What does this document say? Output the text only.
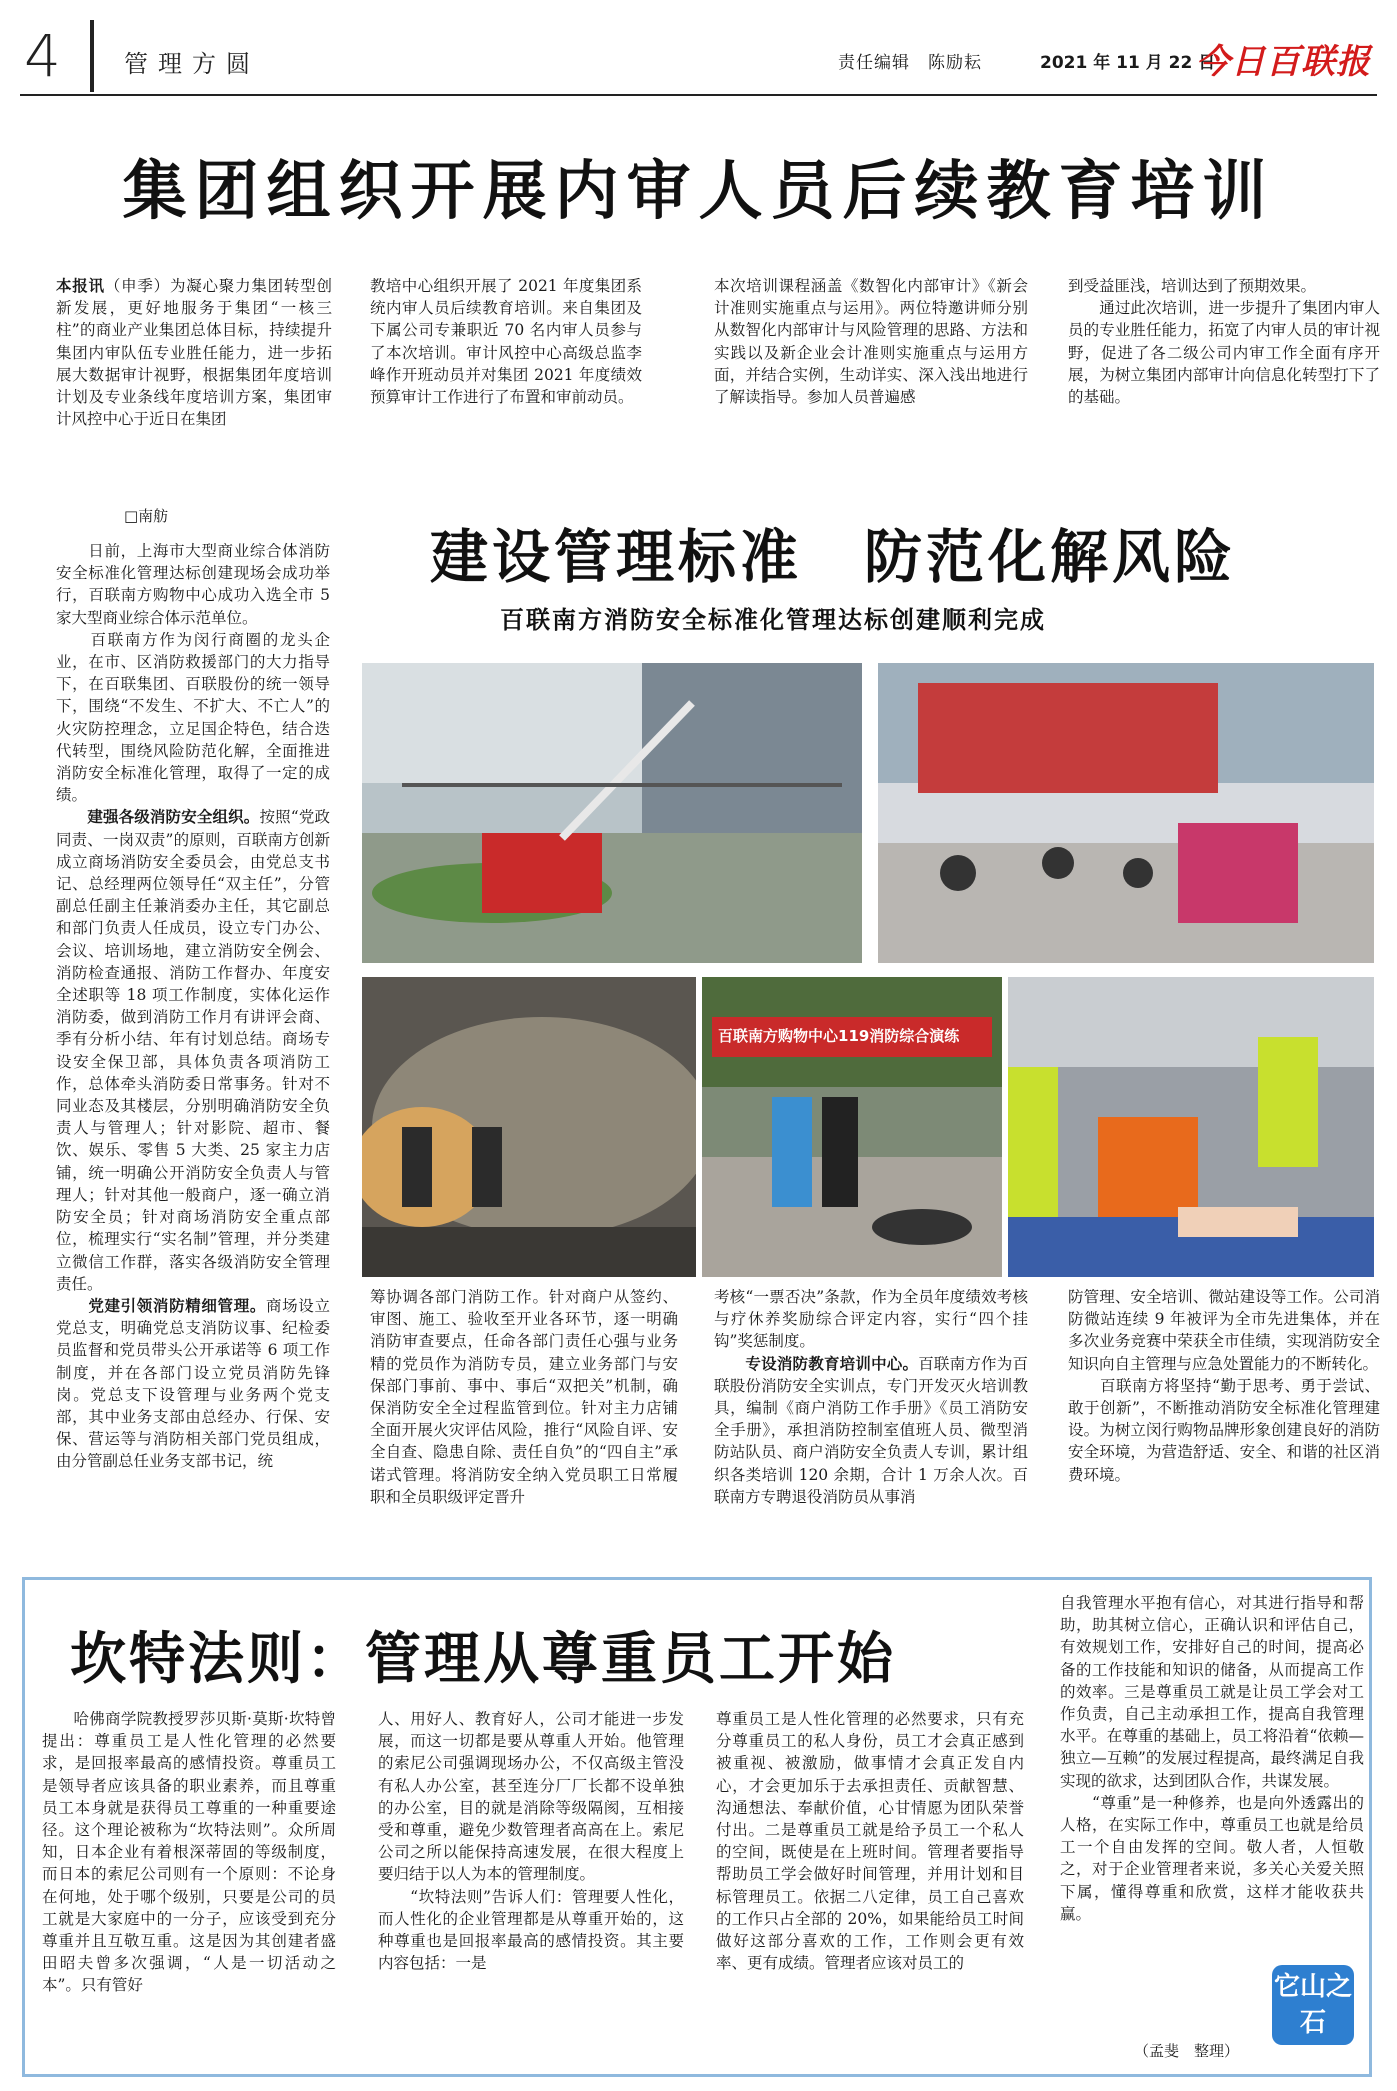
4	管理方圆	责任编辑　陈励耘	2021 年 11 月 22 日
今日百联报
集团组织开展内审人员后续教育培训
本报讯（申季）为凝心聚力集团转型创新发展，更好地服务于集团“一核三柱”的商业产业集团总体目标，持续提升集团内审队伍专业胜任能力，进一步拓展大数据审计视野，根据集团年度培训计划及专业条线年度培训方案，集团审计风控中心于近日在集团
教培中心组织开展了 2021 年度集团系统内审人员后续教育培训。来自集团及下属公司专兼职近 70 名内审人员参与了本次培训。审计风控中心高级总监李峰作开班动员并对集团 2021 年度绩效预算审计工作进行了布置和审前动员。
本次培训课程涵盖《数智化内部审计》《新会计准则实施重点与运用》。两位特邀讲师分别从数智化内部审计与风险管理的思路、方法和实践以及新企业会计准则实施重点与运用方面，并结合实例，生动详实、深入浅出地进行了解读指导。参加人员普遍感
到受益匪浅，培训达到了预期效果。
　　通过此次培训，进一步提升了集团内审人员的专业胜任能力，拓宽了内审人员的审计视野，促进了各二级公司内审工作全面有序开展，为树立集团内部审计向信息化转型打下了的基础。
□南舫
建设管理标准　防范化解风险
百联南方消防安全标准化管理达标创建顺利完成
　　日前，上海市大型商业综合体消防安全标准化管理达标创建现场会成功举行，百联南方购物中心成功入选全市 5 家大型商业综合体示范单位。
　　百联南方作为闵行商圈的龙头企业，在市、区消防救援部门的大力指导下，在百联集团、百联股份的统一领导下，围绕“不发生、不扩大、不亡人”的火灾防控理念，立足国企特色，结合迭代转型，围绕风险防范化解，全面推进消防安全标准化管理，取得了一定的成绩。
　　建强各级消防安全组织。按照“党政同责、一岗双责”的原则，百联南方创新成立商场消防安全委员会，由党总支书记、总经理两位领导任“双主任”，分管副总任副主任兼消委办主任，其它副总和部门负责人任成员，设立专门办公、会议、培训场地，建立消防安全例会、消防检查通报、消防工作督办、年度安全述职等 18 项工作制度，实体化运作消防委，做到消防工作月有讲评会商、季有分析小结、年有讨划总结。商场专设安全保卫部，具体负责各项消防工作，总体牵头消防委日常事务。针对不同业态及其楼层，分别明确消防安全负责人与管理人；针对影院、超市、餐饮、娱乐、零售 5 大类、25 家主力店铺，统一明确公开消防安全负责人与管理人；针对其他一般商户，逐一确立消防安全员；针对商场消防安全重点部位，梳理实行“实名制”管理，并分类建立微信工作群，落实各级消防安全管理责任。
　　党建引领消防精细管理。商场设立党总支，明确党总支消防议事、纪检委员监督和党员带头公开承诺等 6 项工作制度，并在各部门设立党员消防先锋岗。党总支下设管理与业务两个党支部，其中业务支部由总经办、行保、安保、营运等与消防相关部门党员组成，由分管副总任业务支部书记，统
百联南方购物中心119消防综合演练
筹协调各部门消防工作。针对商户从签约、审图、施工、验收至开业各环节，逐一明确消防审查要点，任命各部门责任心强与业务精的党员作为消防专员，建立业务部门与安保部门事前、事中、事后“双把关”机制，确保消防安全全过程监管到位。针对主力店铺全面开展火灾评估风险，推行“风险自评、安全自查、隐患自除、责任自负”的“四自主”承诺式管理。将消防安全纳入党员职工日常履职和全员职级评定晋升
考核“一票否决”条款，作为全员年度绩效考核与疗休养奖励综合评定内容，实行“四个挂钩”奖惩制度。
　　专设消防教育培训中心。百联南方作为百联股份消防安全实训点，专门开发灭火培训教具，编制《商户消防工作手册》《员工消防安全手册》，承担消防控制室值班人员、微型消防站队员、商户消防安全负责人专训，累计组织各类培训 120 余期，合计 1 万余人次。百联南方专聘退役消防员从事消
防管理、安全培训、微站建设等工作。公司消防微站连续 9 年被评为全市先进集体，并在多次业务竞赛中荣获全市佳绩，实现消防安全知识向自主管理与应急处置能力的不断转化。
　　百联南方将坚持“勤于思考、勇于尝试、敢于创新”，不断推动消防安全标准化管理建设。为树立闵行购物品牌形象创建良好的消防安全环境，为营造舒适、安全、和谐的社区消费环境。
坎特法则：管理从尊重员工开始
　　哈佛商学院教授罗莎贝斯·莫斯·坎特曾提出：尊重员工是人性化管理的必然要求，是回报率最高的感情投资。尊重员工是领导者应该具备的职业素养，而且尊重员工本身就是获得员工尊重的一种重要途径。这个理论被称为“坎特法则”。众所周知，日本企业有着根深蒂固的等级制度，而日本的索尼公司则有一个原则：不论身在何地，处于哪个级别，只要是公司的员工就是大家庭中的一分子，应该受到充分尊重并且互敬互重。这是因为其创建者盛田昭夫曾多次强调，“人是一切活动之本”。只有管好
人、用好人、教育好人，公司才能进一步发展，而这一切都是要从尊重人开始。他管理的索尼公司强调现场办公，不仅高级主管没有私人办公室，甚至连分厂厂长都不设单独的办公室，目的就是消除等级隔阂，互相接受和尊重，避免少数管理者高高在上。索尼公司之所以能保持高速发展，在很大程度上要归结于以人为本的管理制度。
　　“坎特法则”告诉人们：管理要人性化，而人性化的企业管理都是从尊重开始的，这种尊重也是回报率最高的感情投资。其主要内容包括：一是
尊重员工是人性化管理的必然要求，只有充分尊重员工的私人身份，员工才会真正感到被重视、被激励，做事情才会真正发自内心，才会更加乐于去承担责任、贡献智慧、沟通想法、奉献价值，心甘情愿为团队荣誉付出。二是尊重员工就是给予员工一个私人的空间，既使是在上班时间。管理者要指导帮助员工学会做好时间管理，并用计划和目标管理员工。依据二八定律，员工自己喜欢的工作只占全部的 20%，如果能给员工时间做好这部分喜欢的工作，工作则会更有效率、更有成绩。管理者应该对员工的
自我管理水平抱有信心，对其进行指导和帮助，助其树立信心，正确认识和评估自己，有效规划工作，安排好自己的时间，提高必备的工作技能和知识的储备，从而提高工作的效率。三是尊重员工就是让员工学会对工作负责，自己主动承担工作，提高自我管理水平。在尊重的基础上，员工将沿着“依赖—独立—互赖”的发展过程提高，最终满足自我实现的欲求，达到团队合作，共谋发展。
　　“尊重”是一种修养，也是向外透露出的人格，在实际工作中，尊重员工也就是给员工一个自由发挥的空间。敬人者，人恒敬之，对于企业管理者来说，多关心关爱关照下属，懂得尊重和欣赏，这样才能收获共赢。
（孟斐　整理）
它山之石
